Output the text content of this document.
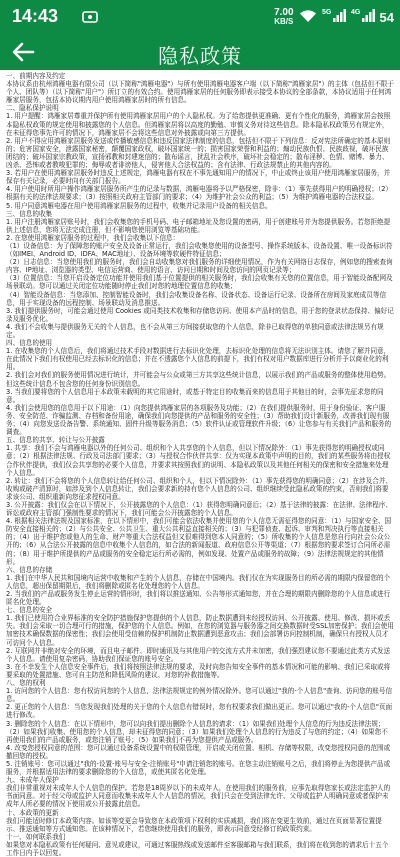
14:43	7.00
KB/S
5G	4G 54
隐私政策

一、前期内容及约定

本协议系由杭州鸿雁电器有限公司（以下简称"鸿雁电器"）与所有使用鸿雁电器客户端（以下简称"鸿雁家居"）的主体（包括但不限于个人、团队等）（以下简称"用户"）所订立的有效合约。使用鸿雁家居的任何服务即表示接受本协议的全部条款，本协议适用于任何鸿雁家居服务，包括本协议期内用户使用鸿雁家居时的所有信息。

二、隐私保护说明

1. 用户提醒：鸿雁家居尊重并保护所有使用鸿雁家居用户的个人隐私权。为了给您提供更准确、更有个性化的服务，鸿雁家居会按照本隐私权政策的规定使用和披露您的个人信息。但鸿雁家居将以高度的勤勉、审慎义务对待这些信息。除本隐私权政策另有规定外，在未征得您事先许可的情况下，鸿雁家居不会将这些信息对外披露或向第三方提供。

2. 用户不得应用鸿雁家居服务发送或传播敏感信息和违反国家法律制度的信息，包括但不限于下列信息：反对宪法所确定的基本原则的；危害国家安全，泄露国家秘密，颠覆国家政权，破坏国家统一的；损害国家荣誉和利益的；煽动民族仇恨、民族歧视，破坏民族团结的；破坏国家宗教政策，宣扬邪教和封建迷信的；散布谣言，扰乱社会秩序，破坏社会稳定的；散布淫秽、色情、赌博、暴力、凶杀、恐怖或者教唆犯罪的；侮辱或者诽谤他人，侵害他人合法权益的；含有法律、行政法规禁止的其他内容的。

3. 若用户在使用鸿雁家居服务时违反上述规定，鸿雁电器有权在不事先通知用户的情况下，中止或终止该用户使用鸿雁家居服务，并保存有关记录，必要时向有关部门报告。

4. 用户使用时所用户操作鸿雁家居服务所产生的记录与数据，鸿雁电器将予以严格保密，除非：（1）事先获得用户的明确授权；（2）根据有关的法律法规要求；（3）按照相关政府主管部门的要求；（4）为维护社会公众的利益；（5）为维护鸿雁电器的合法权益。

5. 用户同意鸿雁电器在用户使用鸿雁家居服务的过程中，收集并记录用户设备的相关信息。

三、信息的收集

1. 用户注册鸿雁家居账号时，我们会收集您的手机号码、电子邮箱地址及您设置的密码，用于创建账号并为您提供服务。若您拒绝提供上述信息，您将无法完成注册，但不影响您使用浏览等基础功能。

2. 在您使用鸿雁家居服务的过程中，我们会收集以下信息：

（1）设备信息：为了保障您的账户安全及设备正常运行，我们会收集您使用的设备型号、操作系统版本、设备设置、唯一设备标识符（如IMEI、Android ID、IDFA、MAC地址）、设备环境等软硬件特征信息；

（2）日志信息：当您使用我们的服务时，我们会自动收集您对我们服务的详细使用情况，作为有关网络日志保存，例如您的搜索查询内容、IP地址、浏览器的类型、电信运营商、使用的语言、访问日期和时间及您访问的网页记录等；

（3）位置信息：当您开启设备定位功能并使用我们基于位置提供的相关服务时，我们会收集有关您的位置信息，用于智能设备配网及场景联动。您可以通过关闭定位功能随时停止我们对您的地理位置信息的收集；

（4）智能设备信息：当您添加、控制智能设备时，我们会收集设备名称、设备状态、设备运行记录、设备所在房间及家庭成员等信息，用于实现设备的远程控制、场景联动及消息推送。

3. 我们提供服务时，可能会通过使用 Cookies 或同类技术收集和存储您访问、使用本产品时的信息，用于您的登录状态保持、偏好记录及服务优化。

4. 我们不会收集与提供服务无关的个人信息，也不会从第三方间接获取您的个人信息，除非已取得您的单独同意或法律法规另有规定。

四、信息的使用

1. 在收集您的个人信息后，我们将通过技术手段对数据进行去标识化处理，去标识化处理的信息将无法识别主体。请您了解并同意，在此情况下我们有权使用已经去标识化的信息；并在不透露您个人信息的前提下，我们有权对用户数据库进行分析并予以商业化的利用。

2. 我们会对我们的服务使用情况进行统计，并可能会与公众或第三方共享这些统计信息，以展示我们的产品或服务的整体使用趋势。但这些统计信息不包含您的任何身份识别信息。

3. 当我们要将您的个人信息用于本政策未载明的其它用途时，或基于特定目的收集而来的信息用于其他目的时，会事先征求您的同意。

4. 我们会使用您的信息用于以下用途：（1）向您提供鸿雁家居的各项服务及功能；（2）在我们提供服务时，用于身份验证、客户服务、安全防范、诈骗监测、存档和备份用途，确保我们向您提供的产品和服务的安全性；（3）帮助我们设计新服务，改善我们现有服务；（4）向您发送设备告警、系统通知、固件升级等服务消息；（5）软件认证或管理软件升级；（6）让您参与有关我们产品和服务的调查。

五、信息的共享、转让与公开披露

1. 共享：我们不会与鸿雁电器以外的任何公司、组织和个人共享您的个人信息，但以下情况除外：（1）事先获得您的明确授权或同意；（2）根据法律法规、行政及司法部门要求；（3）与授权合作伙伴共享：仅为实现本政策中声明的目的，我们的某些服务将由授权合作伙伴提供，我们仅会共享您的必要个人信息，并要求其按照我们的说明、本隐私政策以及其他任何相关的保密和安全措施来处理个人信息。

2. 转让：我们不会将您的个人信息转让给任何公司、组织和个人，但以下情况除外：（1）事先获得您的明确同意；（2）在涉及合并、收购或破产清算时，如涉及到个人信息转让，我们会要求新的持有您个人信息的公司、组织继续受此隐私政策的约束，否则我们将要求该公司、组织重新向您征求授权同意。

3. 公开披露：我们仅会在以下情况下，公开披露您的个人信息：（1）获得您明确同意后；（2）基于法律的披露：在法律、法律程序、诉讼或政府主管部门强制性要求的情况下，我们可能会公开披露您的个人信息。

4. 根据相关法律法规及国家标准，在以下情形中，我们可能会依法收集并使用您的个人信息无需征得您的同意：（1）与国家安全、国防安全直接相关的；（2）与公共安全、公共卫生、重大公共利益直接相关的；（3）与犯罪侦查、起诉、审判和判决执行等直接相关的；（4）出于维护您或他人的生命、财产等重大合法权益但又很难得到您本人同意的；（5）所收集的个人信息是您自行向社会公众公开的；（6）从合法公开披露的信息中收集个人信息的，如合法的新闻报道、政府信息公开等渠道；（7）根据您的要求签订合同所必需的；（8）用于维护所提供的产品或服务的安全稳定运行所必需的，例如发现、处置产品或服务的故障；（9）法律法规规定的其他情形。

六、信息的存储

1. 我们在中华人民共和国境内运营中收集和产生的个人信息，存储在中国境内。我们仅在为实现服务目的所必需的期限内保留您的个人信息，超出保留期限后，我们将删除或匿名化处理您的个人信息。

2. 当我们的产品或服务发生停止运营的情形时，我们将以推送通知、公告等形式通知您，并在合理的期限内删除您的个人信息或进行匿名化处理。

七、信息的安全

1. 我们已使用符合业界标准的安全防护措施保护您提供的个人信息，防止数据遭到未经授权访问、公开披露、使用、修改、损坏或丢失。我们会采取一切合理可行的措施，保护您的个人信息。例如，在您的浏览器与服务器之间交换数据时受SSL加密保护；我们会使用加密技术确保数据的保密性；我们会使用受信赖的保护机制防止数据遭到恶意攻击；我们会部署访问控制机制，确保只有授权人员才可访问个人信息。

2. 互联网并非绝对安全的环境，而且电子邮件、即时通讯及与其他用户的交流方式并未加密，我们强烈建议您不要通过此类方式发送个人信息。请使用复杂密码，协助我们保证您的账号安全。

3. 在不幸发生个人信息安全事件后，我们将按照法律法规的要求，及时向您告知安全事件的基本情况和可能的影响、我们已采取或将要采取的处置措施、您可自主防范和降低风险的建议、对您的补救措施等。

八、您的权利

1. 访问您的个人信息：您有权访问您的个人信息，法律法规规定的例外情况除外。您可以通过"我的-个人信息"查询、访问您的账号信息。

2. 更正您的个人信息：当您发现我们处理的关于您的个人信息有错误时，您有权要求我们做出更正。您可以通过"我的-个人信息"页面进行修改。

3. 删除您的个人信息：在以下情形中，您可以向我们提出删除个人信息的请求：（1）如果我们处理个人信息的行为违反法律法规；（2）如果我们收集、使用您的个人信息，却未征得您的同意；（3）如果我们处理个人信息的行为违反了与您的约定；（4）如果您不再使用我们的产品或服务，或您注销了账号；（5）如果我们不再为您提供产品或服务。

4. 改变您授权同意的范围：您可以通过设备系统设置中的权限管理，开启或关闭位置、相机、存储等权限，改变您授权同意的范围或撤回您的授权。

5. 注销账号：您可以通过"我的-设置-账号与安全-注销账号"申请注销您的账号。在您主动注销账号之后，我们将停止为您提供产品或服务，并根据适用法律的要求删除您的个人信息，或使其匿名化处理。

九、未成年人保护

我们非常重视对未成年人个人信息的保护。若您是18周岁以下的未成年人，在使用我们的服务前，应事先取得您家长或法定监护人的书面同意。对于经父母或监护人同意而收集未成年人个人信息的情况，我们只会在受到法律允许、父母或监护人明确同意或者保护未成年人所必要的情况下使用或公开披露此信息。

十、本政策的更新

我们可能适时修订本政策内容。如该等变更会导致您在本政策项下权利的实质减损，我们将在变更生效前，通过在页面显著位置提示、推送通知等方式通知您。在该种情况下，若您继续使用我们的服务，即表示同意受经修订的政策约束。

十一、如何联系我们

如果您对本隐私政策有任何疑问、意见或建议，可通过客服热线或发送邮件至客服邮箱与我们联系，我们将在收到您的请求后十五个工作日内予以回复。
